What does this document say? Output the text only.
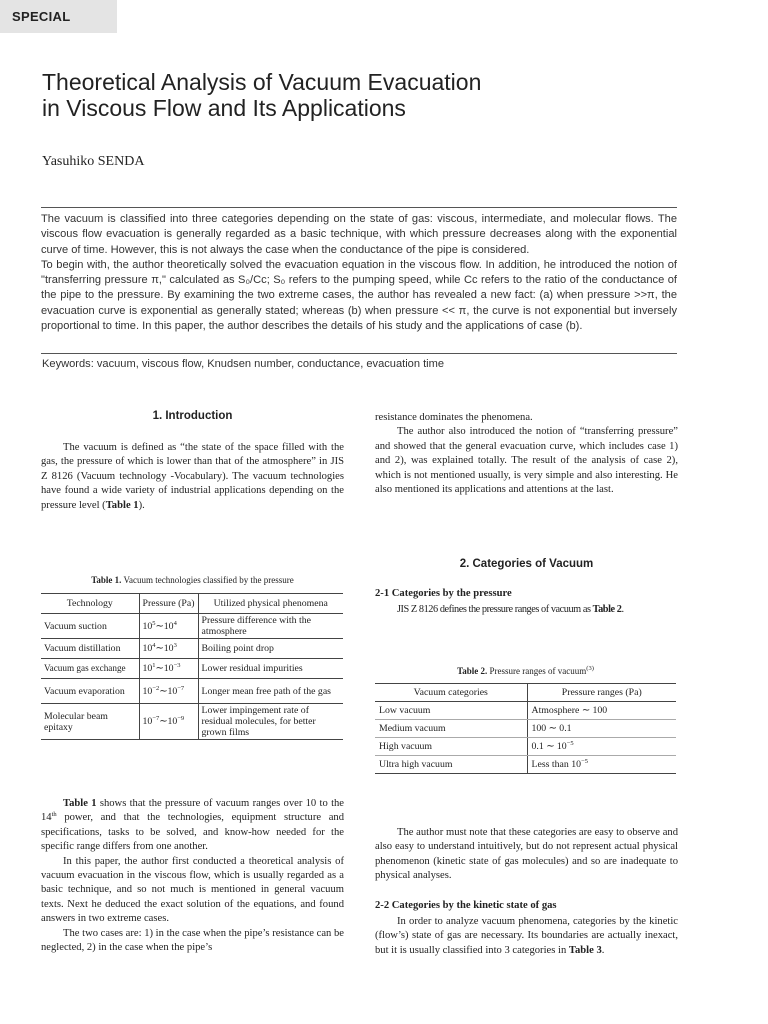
SPECIAL
Theoretical Analysis of Vacuum Evacuation
in Viscous Flow and Its Applications
Yasuhiko SENDA
The vacuum is classified into three categories depending on the state of gas: viscous, intermediate, and molecular flows. The viscous flow evacuation is generally regarded as a basic technique, with which pressure decreases along with the exponential curve of time. However, this is not always the case when the conductance of the pipe is considered.
To begin with, the author theoretically solved the evacuation equation in the viscous flow. In addition, he introduced the notion of "transferring pressure π," calculated as S₀/Cc; S₀ refers to the pumping speed, while Cc refers to the ratio of the conductance of the pipe to the pressure. By examining the two extreme cases, the author has revealed a new fact: (a) when pressure >>π, the evacuation curve is exponential as generally stated; whereas (b) when pressure << π, the curve is not exponential but inversely proportional to time. In this paper, the author describes the details of his study and the applications of case (b).
Keywords: vacuum, viscous flow, Knudsen number, conductance, evacuation time
1. Introduction

The vacuum is defined as “the state of the space filled with the gas, the pressure of which is lower than that of the atmosphere” in JIS Z 8126 (Vacuum technology -Vocabulary). The vacuum technologies have found a wide variety of industrial applications depending on the pressure level (Table 1).

Table 1. Vacuum technologies classified by the pressure
Technology	Pressure (Pa)	Utilized physical phenomena
Vacuum suction	$10^5\sim 10^4$	Pressure difference with the atmosphere
Vacuum distillation	$10^4\sim 10^3$	Boiling point drop
Vacuum gas exchange	$10^1\sim 10^{-3}$	Lower residual impurities
Vacuum evaporation	$10^{-2}\sim 10^{-7}$	Longer mean free path of the gas
Molecular beam epitaxy	$10^{-7}\sim 10^{-9}$	Lower impingement rate of residual molecules, for better grown films

Table 1 shows that the pressure of vacuum ranges over 10 to the 14th power, and that the technologies, equipment structure and specifications, tasks to be solved, and know-how needed for the specific range differs from one another.

In this paper, the author first conducted a theoretical analysis of vacuum evacuation in the viscous flow, which is usually regarded as a basic technique, and so not much is mentioned in general vacuum texts. Next he deduced the exact solution of the equations, and found answers in two extreme cases.

The two cases are: 1) in the case when the pipe’s resistance can be neglected, 2) in the case when the pipe’s

resistance dominates the phenomena.

The author also introduced the notion of “transferring pressure” and showed that the general evacuation curve, which includes case 1) and 2), was explained totally. The result of the analysis of case 2), which is not mentioned usually, is very simple and also interesting. He also mentioned its applications and attentions at the last.

2. Categories of Vacuum
2-1 Categories by the pressure

JIS Z 8126 defines the pressure ranges of vacuum as Table 2.

Table 2. Pressure ranges of vacuum$^{(3)}$
Vacuum categories	Pressure ranges (Pa)
Low vacuum	Atmosphere ∼ 100
Medium vacuum	100 ∼ 0.1
High vacuum	0.1 ∼ $10^{-5}$
Ultra high vacuum	Less than $10^{-5}$

The author must note that these categories are easy to observe and also easy to understand intuitively, but do not represent actual physical phenomenon (kinetic state of gas molecules) and so are inadequate to physical analyses.

2-2 Categories by the kinetic state of gas

In order to analyze vacuum phenomena, categories by the kinetic (flow’s) state of gas are necessary. Its boundaries are actually inexact, but it is usually classified into 3 categories in Table 3.
